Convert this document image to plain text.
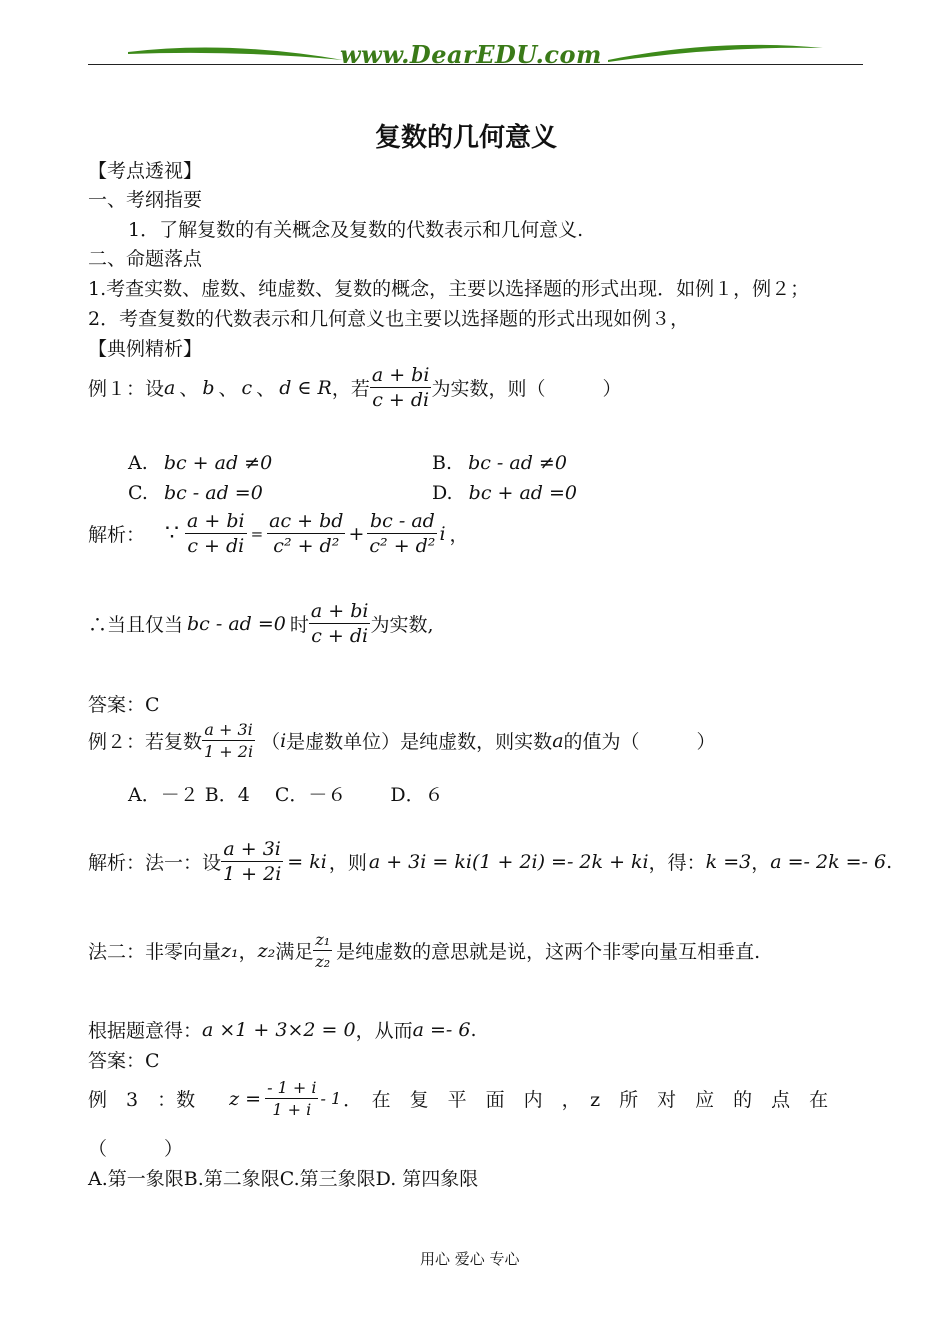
www.DearEDU.com
复数的几何意义
【考点透视】
一、考纲指要
1．了解复数的有关概念及复数的代数表示和几何意义.
二、命题落点
1.考查实数、虚数、纯虚数、复数的概念，主要以选择题的形式出现．如例１，例２；
2．考查复数的代数表示和几何意义也主要以选择题的形式出现如例３，
【典例精析】
例１：设 a 、 b 、 c 、 d ∈ R ，若 $\frac{a + bi}{c + di}$ 为实数，则（　　　）
A. bc + ad ≠0	B. bc - ad ≠0
C. bc - ad =0	D. bc + ad =0
解析： ∵ $\frac{a + bi}{c + di} = \frac{ac + bd}{\text{c² + d²}} + \frac{bc - ad}{\text{c² + d²}}$ i ，
∴当且仅当 bc - ad =0 时 $\frac{a + bi}{c + di}$ 为实数,
答案：C
例２：若复数 $\frac{a + 3i}{1 + 2i}$ （ i 是虚数单位）是纯虚数，则实数 a 的值为（　　　）
A．－２ B．4　 C．－６　　 D．６
解析：法一：设 $\frac{a + 3i}{1 + 2i}$ = ki ，则 a + 3i = ki(1 + 2i) =- 2k + ki ，得： k =3 ， a =- 2k =- 6 .
法二：非零向量 z₁ ， z₂ 满足 $\frac{\text{z₁}}{\text{z₂}}$ 是纯虚数的意思就是说，这两个非零向量互相垂直.
根据题意得： a ×1 + 3×2 = 0 ，从而 a =- 6 .
答案：C
例　3　：数 $z = \frac{- 1 + i}{1 + i} - 1$ ．　在　复　平　面　内　，　z　所　对　应　的　点　在
（　　　）
A.第一象限B.第二象限C.第三象限D. 第四象限
用心 爱心 专心
